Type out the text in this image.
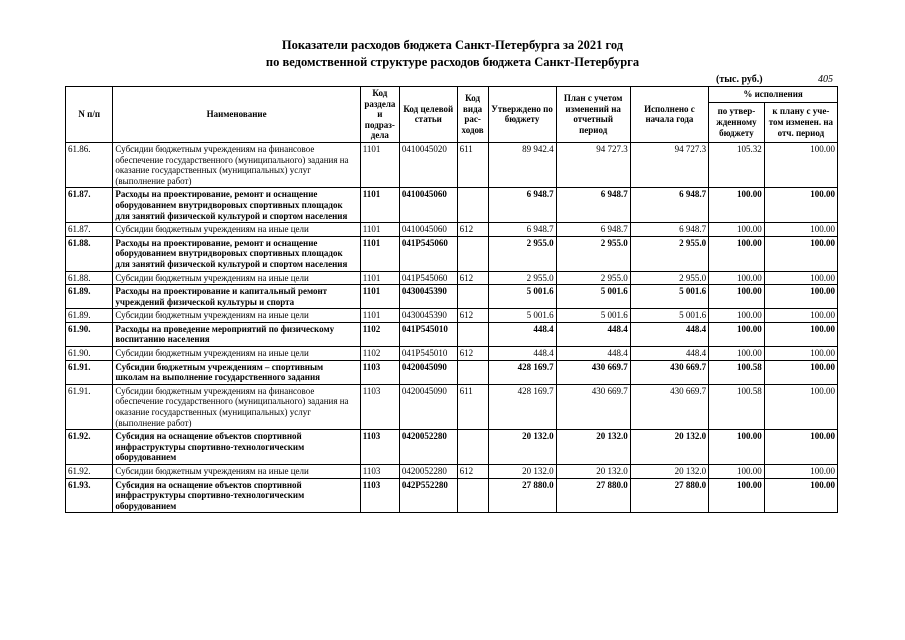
Показатели расходов бюджета Санкт-Петербурга за 2021 год
по ведомственной структуре расходов бюджета Санкт-Петербурга
(тыс. руб.)	405
N п/п	Наименование	Код раздела и подраз-дела	Код целевой статьи	Код вида рас-ходов	Утверждено по бюджету	План с учетом изменений на отчетный период	Исполнено с начала года	% исполнения	
								по утвер-жденному бюджету	к плану с уче-том изменен. на отч. период
61.86.	Субсидии бюджетным учреждениям на финансовое обеспечение государственного (муниципального) задания на оказание государственных (муниципальных) услуг (выполнение работ)	1101	0410045020	611	89 942.4	94 727.3	94 727.3	105.32	100.00
61.87.	Расходы на проектирование, ремонт и оснащение оборудованием внутридворовых спортивных площадок для занятий физической культурой и спортом населения	1101	0410045060		6 948.7	6 948.7	6 948.7	100.00	100.00
61.87.	Субсидии бюджетным учреждениям на иные цели	1101	0410045060	612	6 948.7	6 948.7	6 948.7	100.00	100.00
61.88.	Расходы на проектирование, ремонт и оснащение оборудованием внутридворовых спортивных площадок для занятий физической культурой и спортом населения	1101	041P545060		2 955.0	2 955.0	2 955.0	100.00	100.00
61.88.	Субсидии бюджетным учреждениям на иные цели	1101	041P545060	612	2 955.0	2 955.0	2 955.0	100.00	100.00
61.89.	Расходы на проектирование и капитальный ремонт учреждений физической культуры и спорта	1101	0430045390		5 001.6	5 001.6	5 001.6	100.00	100.00
61.89.	Субсидии бюджетным учреждениям на иные цели	1101	0430045390	612	5 001.6	5 001.6	5 001.6	100.00	100.00
61.90.	Расходы на проведение мероприятий по физическому воспитанию населения	1102	041P545010		448.4	448.4	448.4	100.00	100.00
61.90.	Субсидии бюджетным учреждениям на иные цели	1102	041P545010	612	448.4	448.4	448.4	100.00	100.00
61.91.	Субсидии бюджетным учреждениям – спортивным школам на выполнение государственного задания	1103	0420045090		428 169.7	430 669.7	430 669.7	100.58	100.00
61.91.	Субсидии бюджетным учреждениям на финансовое обеспечение государственного (муниципального) задания на оказание государственных (муниципальных) услуг (выполнение работ)	1103	0420045090	611	428 169.7	430 669.7	430 669.7	100.58	100.00
61.92.	Субсидия на оснащение объектов спортивной инфраструктуры спортивно-технологическим оборудованием	1103	0420052280		20 132.0	20 132.0	20 132.0	100.00	100.00
61.92.	Субсидии бюджетным учреждениям на иные цели	1103	0420052280	612	20 132.0	20 132.0	20 132.0	100.00	100.00
61.93.	Субсидия на оснащение объектов спортивной инфраструктуры спортивно-технологическим оборудованием	1103	042P552280		27 880.0	27 880.0	27 880.0	100.00	100.00
